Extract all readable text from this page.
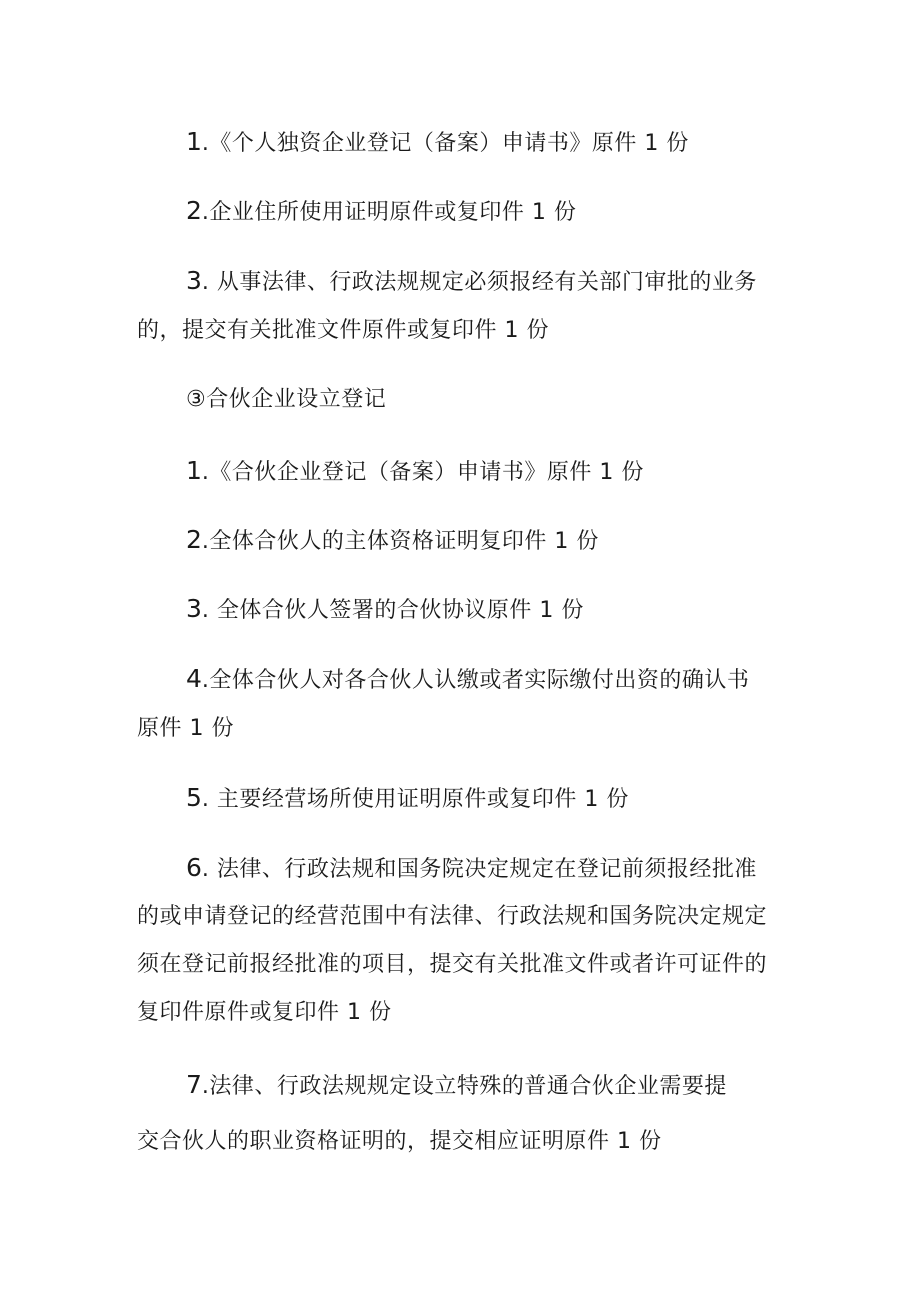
1.《个人独资企业登记（备案）申请书》原件 1 份
2.企业住所使用证明原件或复印件 1 份
3. 从事法律、行政法规规定必须报经有关部门审批的业务
的，提交有关批准文件原件或复印件 1 份
③合伙企业设立登记
1.《合伙企业登记（备案）申请书》原件 1 份
2.全体合伙人的主体资格证明复印件 1 份
3. 全体合伙人签署的合伙协议原件 1 份
4.全体合伙人对各合伙人认缴或者实际缴付出资的确认书
原件 1 份
5. 主要经营场所使用证明原件或复印件 1 份
6. 法律、行政法规和国务院决定规定在登记前须报经批准
的或申请登记的经营范围中有法律、行政法规和国务院决定规定
须在登记前报经批准的项目，提交有关批准文件或者许可证件的
复印件原件或复印件 1 份
7.法律、行政法规规定设立特殊的普通合伙企业需要提
交合伙人的职业资格证明的，提交相应证明原件 1 份
